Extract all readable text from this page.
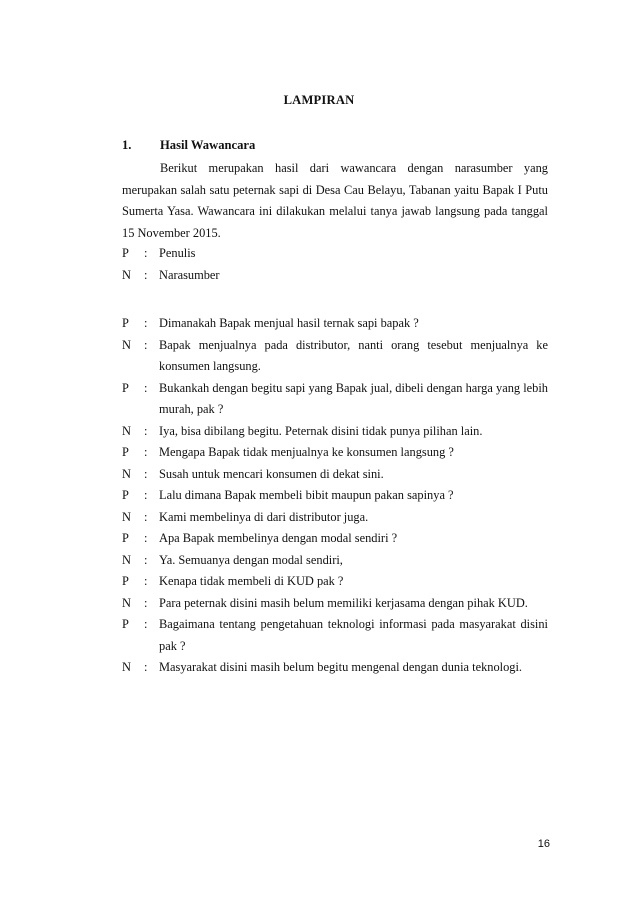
LAMPIRAN
1. Hasil Wawancara

Berikut merupakan hasil dari wawancara dengan narasumber yang merupakan salah satu peternak sapi di Desa Cau Belayu, Tabanan yaitu Bapak I Putu Sumerta Yasa. Wawancara ini dilakukan melalui tanya jawab langsung pada tanggal 15 November 2015.

P	: Penulis
N	: Narasumber
P	: Dimanakah Bapak menjual hasil ternak sapi bapak ?
N	: Bapak menjualnya pada distributor, nanti orang tesebut menjualnya ke konsumen langsung.
P	: Bukankah dengan begitu sapi yang Bapak jual, dibeli dengan harga yang lebih murah, pak ?
N	: Iya, bisa dibilang begitu. Peternak disini tidak punya pilihan lain.
P	: Mengapa Bapak tidak menjualnya ke konsumen langsung ?
N	: Susah untuk mencari konsumen di dekat sini.
P	: Lalu dimana Bapak membeli bibit maupun pakan sapinya ?
N	: Kami membelinya di dari distributor juga.
P	: Apa Bapak membelinya dengan modal sendiri ?
N	: Ya. Semuanya dengan modal sendiri,
P	: Kenapa tidak membeli di KUD pak ?
N	: Para peternak disini masih belum memiliki kerjasama dengan pihak KUD.
P	: Bagaimana tentang pengetahuan teknologi informasi pada masyarakat disini pak ?
N	: Masyarakat disini masih belum begitu mengenal dengan dunia teknologi.
16
